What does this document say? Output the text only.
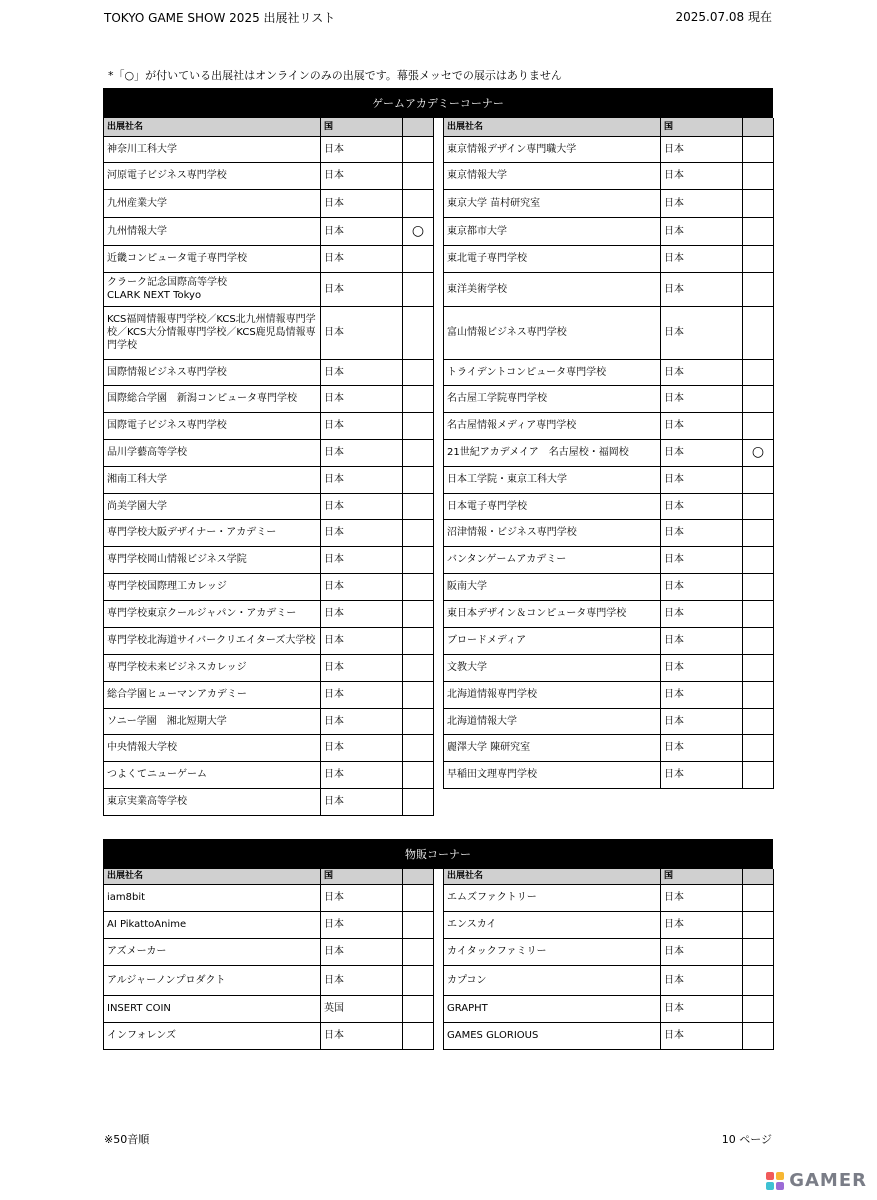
TOKYO GAME SHOW 2025 出展社リスト	2025.07.08 現在
*「○」が付いている出展社はオンラインのみの出展です。幕張メッセでの展示はありません
ゲームアカデミーコーナー
出展社名	国	
神奈川工科大学	日本	
河原電子ビジネス専門学校	日本	
九州産業大学	日本	
九州情報大学	日本	○
近畿コンピュータ電子専門学校	日本	
クラーク記念国際高等学校
CLARK NEXT Tokyo	日本	
KCS福岡情報専門学校／KCS北九州情報専門学校／KCS大分情報専門学校／KCS鹿児島情報専門学校	日本	
国際情報ビジネス専門学校	日本	
国際総合学園　新潟コンピュータ専門学校	日本	
国際電子ビジネス専門学校	日本	
品川学藝高等学校	日本	
湘南工科大学	日本	
尚美学園大学	日本	
専門学校大阪デザイナー・アカデミー	日本	
専門学校岡山情報ビジネス学院	日本	
専門学校国際理工カレッジ	日本	
専門学校東京クールジャパン・アカデミー	日本	
専門学校北海道サイバークリエイターズ大学校	日本	
専門学校未来ビジネスカレッジ	日本	
総合学園ヒューマンアカデミー	日本	
ソニー学園　湘北短期大学	日本	
中央情報大学校	日本	
つよくてニューゲーム	日本	
東京実業高等学校	日本	
出展社名	国	
東京情報デザイン専門職大学	日本	
東京情報大学	日本	
東京大学 苗村研究室	日本	
東京都市大学	日本	
東北電子専門学校	日本	
東洋美術学校	日本	
富山情報ビジネス専門学校	日本	
トライデントコンピュータ専門学校	日本	
名古屋工学院専門学校	日本	
名古屋情報メディア専門学校	日本	
21世紀アカデメイア　名古屋校・福岡校	日本	○
日本工学院・東京工科大学	日本	
日本電子専門学校	日本	
沼津情報・ビジネス専門学校	日本	
バンタンゲームアカデミー	日本	
阪南大学	日本	
東日本デザイン＆コンピュータ専門学校	日本	
ブロードメディア	日本	
文教大学	日本	
北海道情報専門学校	日本	
北海道情報大学	日本	
麗澤大学 陳研究室	日本	
早稲田文理専門学校	日本	
物販コーナー
出展社名	国	
iam8bit	日本	
AI PikattoAnime	日本	
アズメーカー	日本	
アルジャーノンプロダクト	日本	
INSERT COIN	英国	
インフォレンズ	日本	
出展社名	国	
エムズファクトリー	日本	
エンスカイ	日本	
カイタックファミリー	日本	
カプコン	日本	
GRAPHT	日本	
GAMES GLORIOUS	日本	
※50音順	10 ページ
GAMER
